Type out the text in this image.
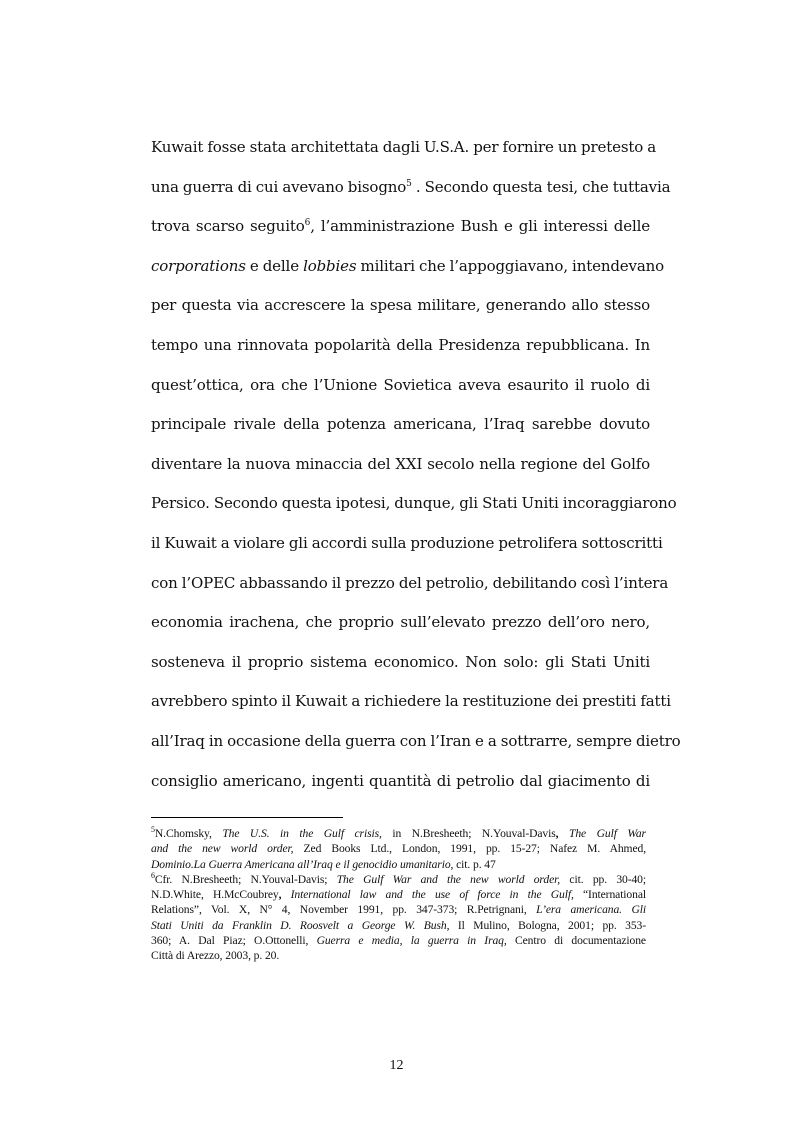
Kuwait fosse stata architettata dagli U.S.A. per fornire un pretesto a
una guerra di cui avevano bisogno$^5$ . Secondo questa tesi, che tuttavia
trova scarso seguito$^6$, l’amministrazione Bush e gli interessi delle
corporations e delle lobbies militari che l’appoggiavano, intendevano
per questa via accrescere la spesa militare, generando allo stesso
tempo una rinnovata popolarità della Presidenza repubblicana. In
quest’ottica, ora che l’Unione Sovietica aveva esaurito il ruolo di
principale rivale della potenza americana, l’Iraq sarebbe dovuto
diventare la nuova minaccia del XXI secolo nella regione del Golfo
Persico. Secondo questa ipotesi, dunque, gli Stati Uniti incoraggiarono
il Kuwait a violare gli accordi sulla produzione petrolifera sottoscritti
con l’OPEC abbassando il prezzo del petrolio, debilitando così l’intera
economia irachena, che proprio sull’elevato prezzo dell’oro nero,
sosteneva il proprio sistema economico. Non solo: gli Stati Uniti
avrebbero spinto il Kuwait a richiedere la restituzione dei prestiti fatti
all’Iraq in occasione della guerra con l’Iran e a sottrarre, sempre dietro
consiglio americano, ingenti quantità di petrolio dal giacimento di
$^5$N.Chomsky, The U.S. in the Gulf crisis, in N.Bresheeth; N.Youval-Davis, The Gulf War
and the new world order, Zed Books Ltd., London, 1991, pp. 15-27; Nafez M. Ahmed,
Dominio.La Guerra Americana all’Iraq e il genocidio umanitario, cit. p. 47
$^6$Cfr. N.Bresheeth; N.Youval-Davis; The Gulf War and the new world order, cit. pp. 30-40;
N.D.White, H.McCoubrey, International law and the use of force in the Gulf, “International
Relations”, Vol. X, N° 4, November 1991, pp. 347-373; R.Petrignani, L’era americana. Gli
Stati Uniti da Franklin D. Roosvelt a George W. Bush, Il Mulino, Bologna, 2001; pp. 353-
360; A. Dal Piaz; O.Ottonelli, Guerra e media, la guerra in Iraq, Centro di documentazione
Città di Arezzo, 2003, p. 20.
12
